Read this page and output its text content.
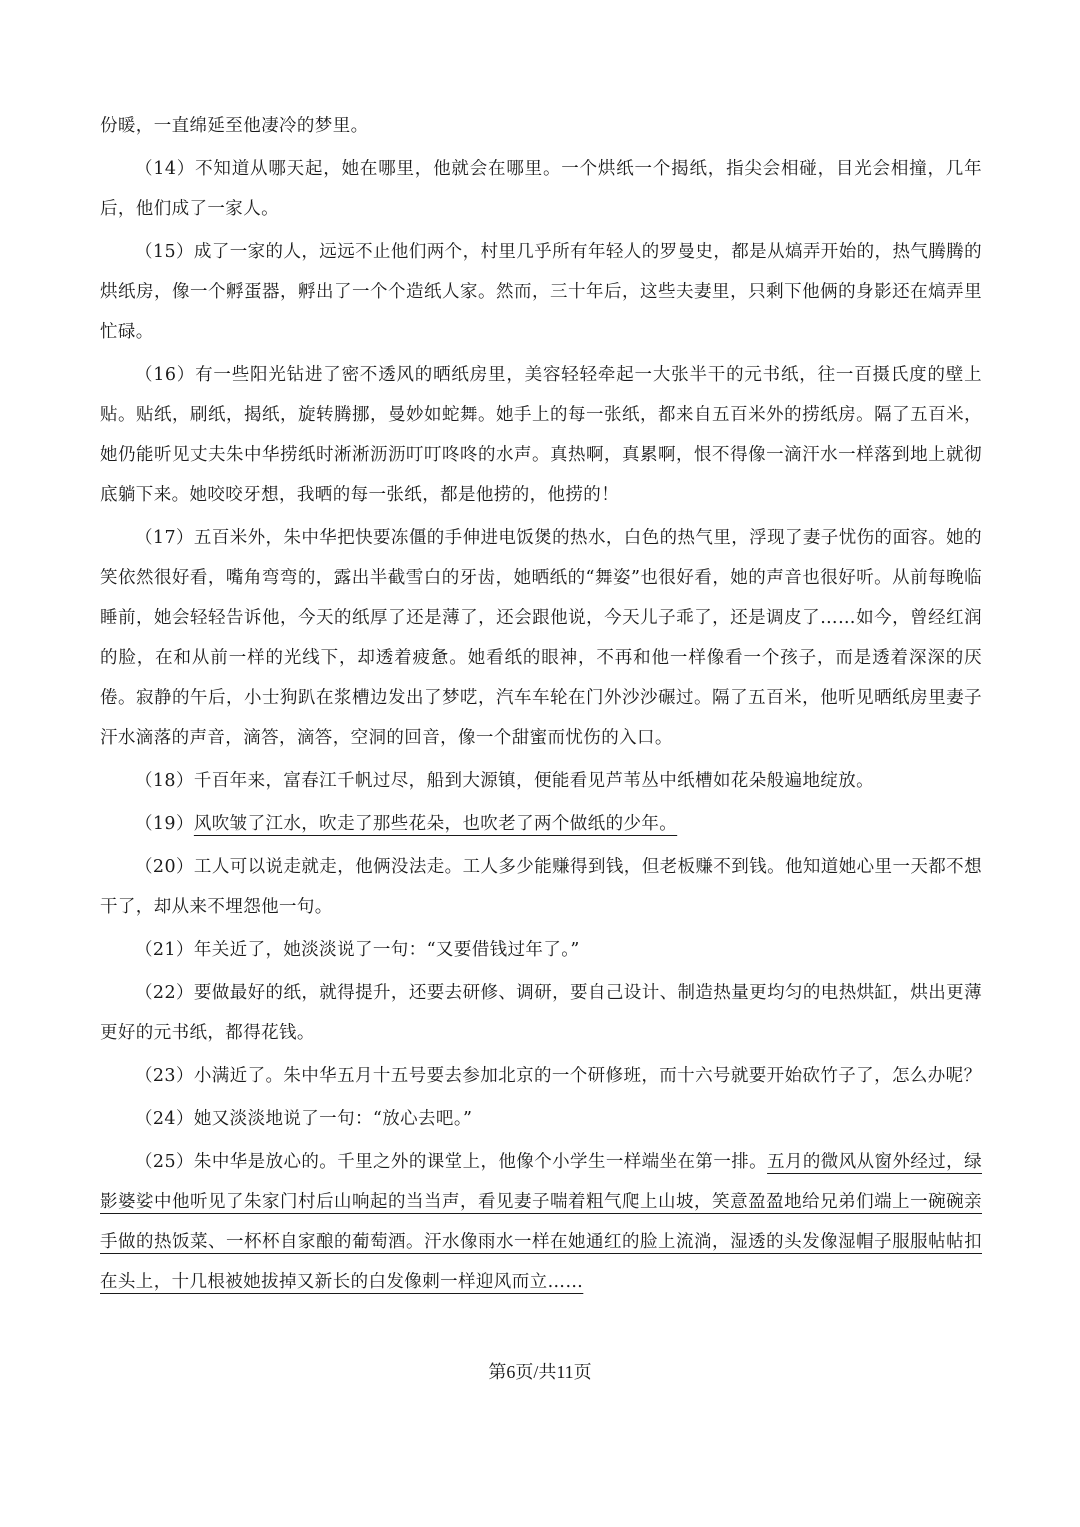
份暖，一直绵延至他凄冷的梦里。

（14）不知道从哪天起，她在哪里，他就会在哪里。一个烘纸一个揭纸，指尖会相碰，目光会相撞，几年后，他们成了一家人。

（15）成了一家的人，远远不止他们两个，村里几乎所有年轻人的罗曼史，都是从熇弄开始的，热气腾腾的烘纸房，像一个孵蛋器，孵出了一个个造纸人家。然而，三十年后，这些夫妻里，只剩下他俩的身影还在熇弄里忙碌。

（16）有一些阳光钻进了密不透风的晒纸房里，美容轻轻牵起一大张半干的元书纸，往一百摄氏度的壁上贴。贴纸，刷纸，揭纸，旋转腾挪，曼妙如蛇舞。她手上的每一张纸，都来自五百米外的捞纸房。隔了五百米，她仍能听见丈夫朱中华捞纸时淅淅沥沥叮叮咚咚的水声。真热啊，真累啊，恨不得像一滴汗水一样落到地上就彻底躺下来。她咬咬牙想，我晒的每一张纸，都是他捞的，他捞的！

（17）五百米外，朱中华把快要冻僵的手伸进电饭煲的热水，白色的热气里，浮现了妻子忧伤的面容。她的笑依然很好看，嘴角弯弯的，露出半截雪白的牙齿，她晒纸的“舞姿”也很好看，她的声音也很好听。从前每晚临睡前，她会轻轻告诉他，今天的纸厚了还是薄了，还会跟他说，今天儿子乖了，还是调皮了……如今，曾经红润的脸，在和从前一样的光线下，却透着疲惫。她看纸的眼神，不再和他一样像看一个孩子，而是透着深深的厌倦。寂静的午后，小士狗趴在浆槽边发出了梦呓，汽车车轮在门外沙沙碾过。隔了五百米，他听见晒纸房里妻子汗水滴落的声音，滴答，滴答，空洞的回音，像一个甜蜜而忧伤的入口。

（18）千百年来，富春江千帆过尽，船到大源镇，便能看见芦苇丛中纸槽如花朵般遍地绽放。

（19）风吹皱了江水，吹走了那些花朵，也吹老了两个做纸的少年。

（20）工人可以说走就走，他俩没法走。工人多少能赚得到钱，但老板赚不到钱。他知道她心里一天都不想干了，却从来不埋怨他一句。

（21）年关近了，她淡淡说了一句：“又要借钱过年了。”

（22）要做最好的纸，就得提升，还要去研修、调研，要自己设计、制造热量更均匀的电热烘缸，烘出更薄更好的元书纸，都得花钱。

（23）小满近了。朱中华五月十五号要去参加北京的一个研修班，而十六号就要开始砍竹子了，怎么办呢？

（24）她又淡淡地说了一句：“放心去吧。”

（25）朱中华是放心的。千里之外的课堂上，他像个小学生一样端坐在第一排。五月的微风从窗外经过，绿影婆娑中他听见了朱家门村后山响起的当当声，看见妻子喘着粗气爬上山坡，笑意盈盈地给兄弟们端上一碗碗亲手做的热饭菜、一杯杯自家酿的葡萄酒。汗水像雨水一样在她通红的脸上流淌，湿透的头发像湿帽子服服帖帖扣在头上，十几根被她拔掉又新长的白发像刺一样迎风而立……

第6页/共11页
